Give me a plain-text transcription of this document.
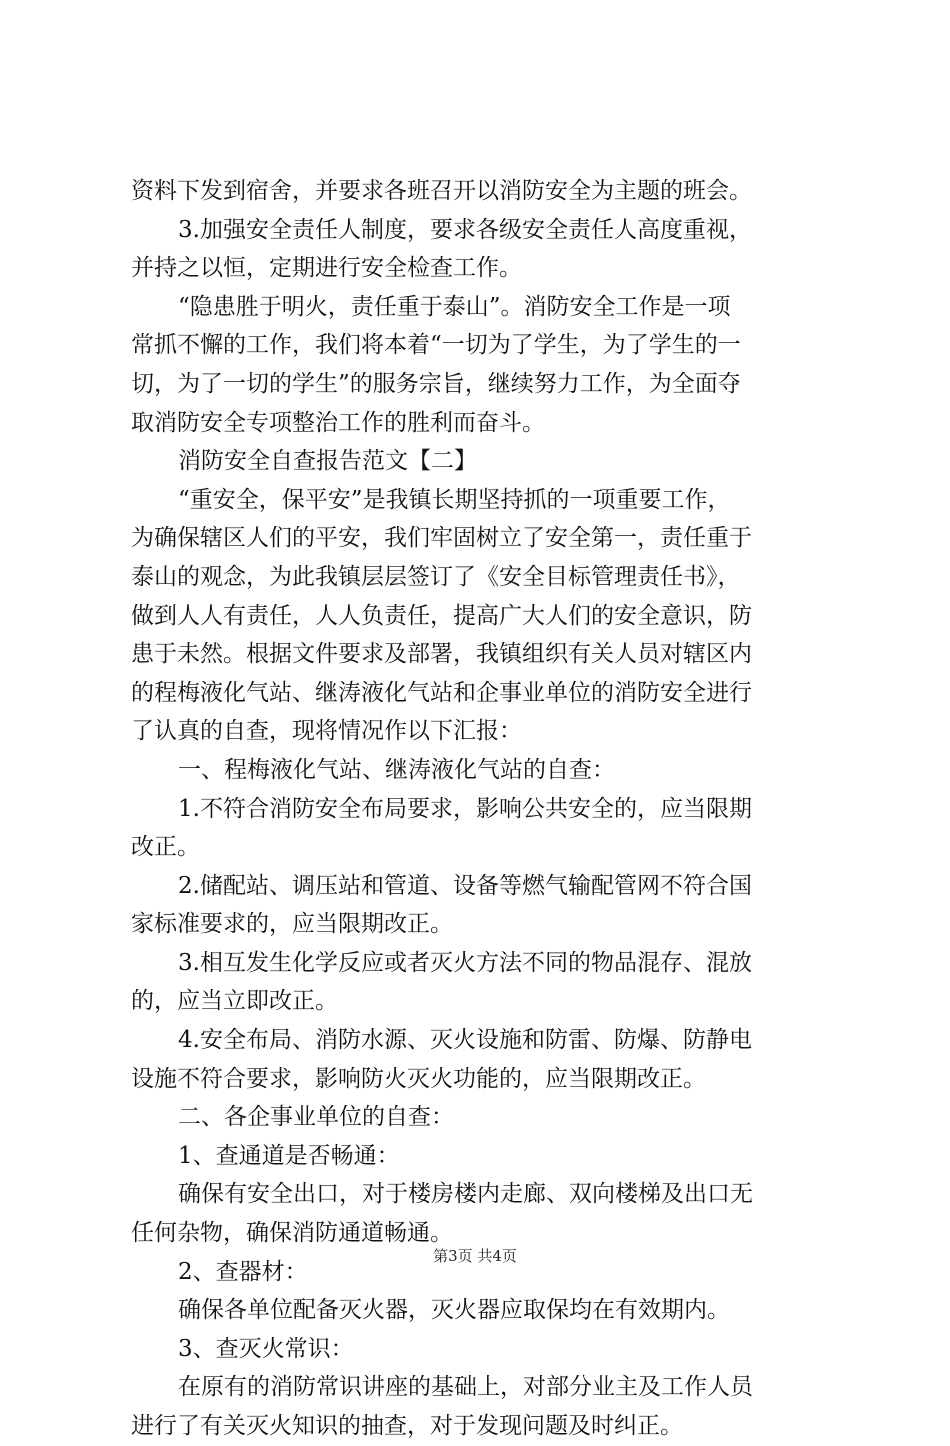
资料下发到宿舍，并要求各班召开以消防安全为主题的班会。
3.加强安全责任人制度，要求各级安全责任人高度重视，
并持之以恒，定期进行安全检查工作。
“隐患胜于明火，责任重于泰山”。消防安全工作是一项
常抓不懈的工作，我们将本着“一切为了学生，为了学生的一
切，为了一切的学生”的服务宗旨，继续努力工作，为全面夺
取消防安全专项整治工作的胜利而奋斗。
消防安全自查报告范文【二】
“重安全，保平安”是我镇长期坚持抓的一项重要工作，
为确保辖区人们的平安，我们牢固树立了安全第一，责任重于
泰山的观念，为此我镇层层签订了《安全目标管理责任书》，
做到人人有责任，人人负责任，提高广大人们的安全意识，防
患于未然。根据文件要求及部署，我镇组织有关人员对辖区内
的程梅液化气站、继涛液化气站和企事业单位的消防安全进行
了认真的自查，现将情况作以下汇报：
一、程梅液化气站、继涛液化气站的自查：
1.不符合消防安全布局要求，影响公共安全的，应当限期
改正。
2.储配站、调压站和管道、设备等燃气输配管网不符合国
家标准要求的，应当限期改正。
3.相互发生化学反应或者灭火方法不同的物品混存、混放
的，应当立即改正。
4.安全布局、消防水源、灭火设施和防雷、防爆、防静电
设施不符合要求，影响防火灭火功能的，应当限期改正。
二、各企事业单位的自查：
1、查通道是否畅通：
确保有安全出口，对于楼房楼内走廊、双向楼梯及出口无
任何杂物，确保消防通道畅通。
2、查器材：
确保各单位配备灭火器，灭火器应取保均在有效期内。
3、查灭火常识：
在原有的消防常识讲座的基础上，对部分业主及工作人员
进行了有关灭火知识的抽查，对于发现问题及时纠正。
第3页 共4页
